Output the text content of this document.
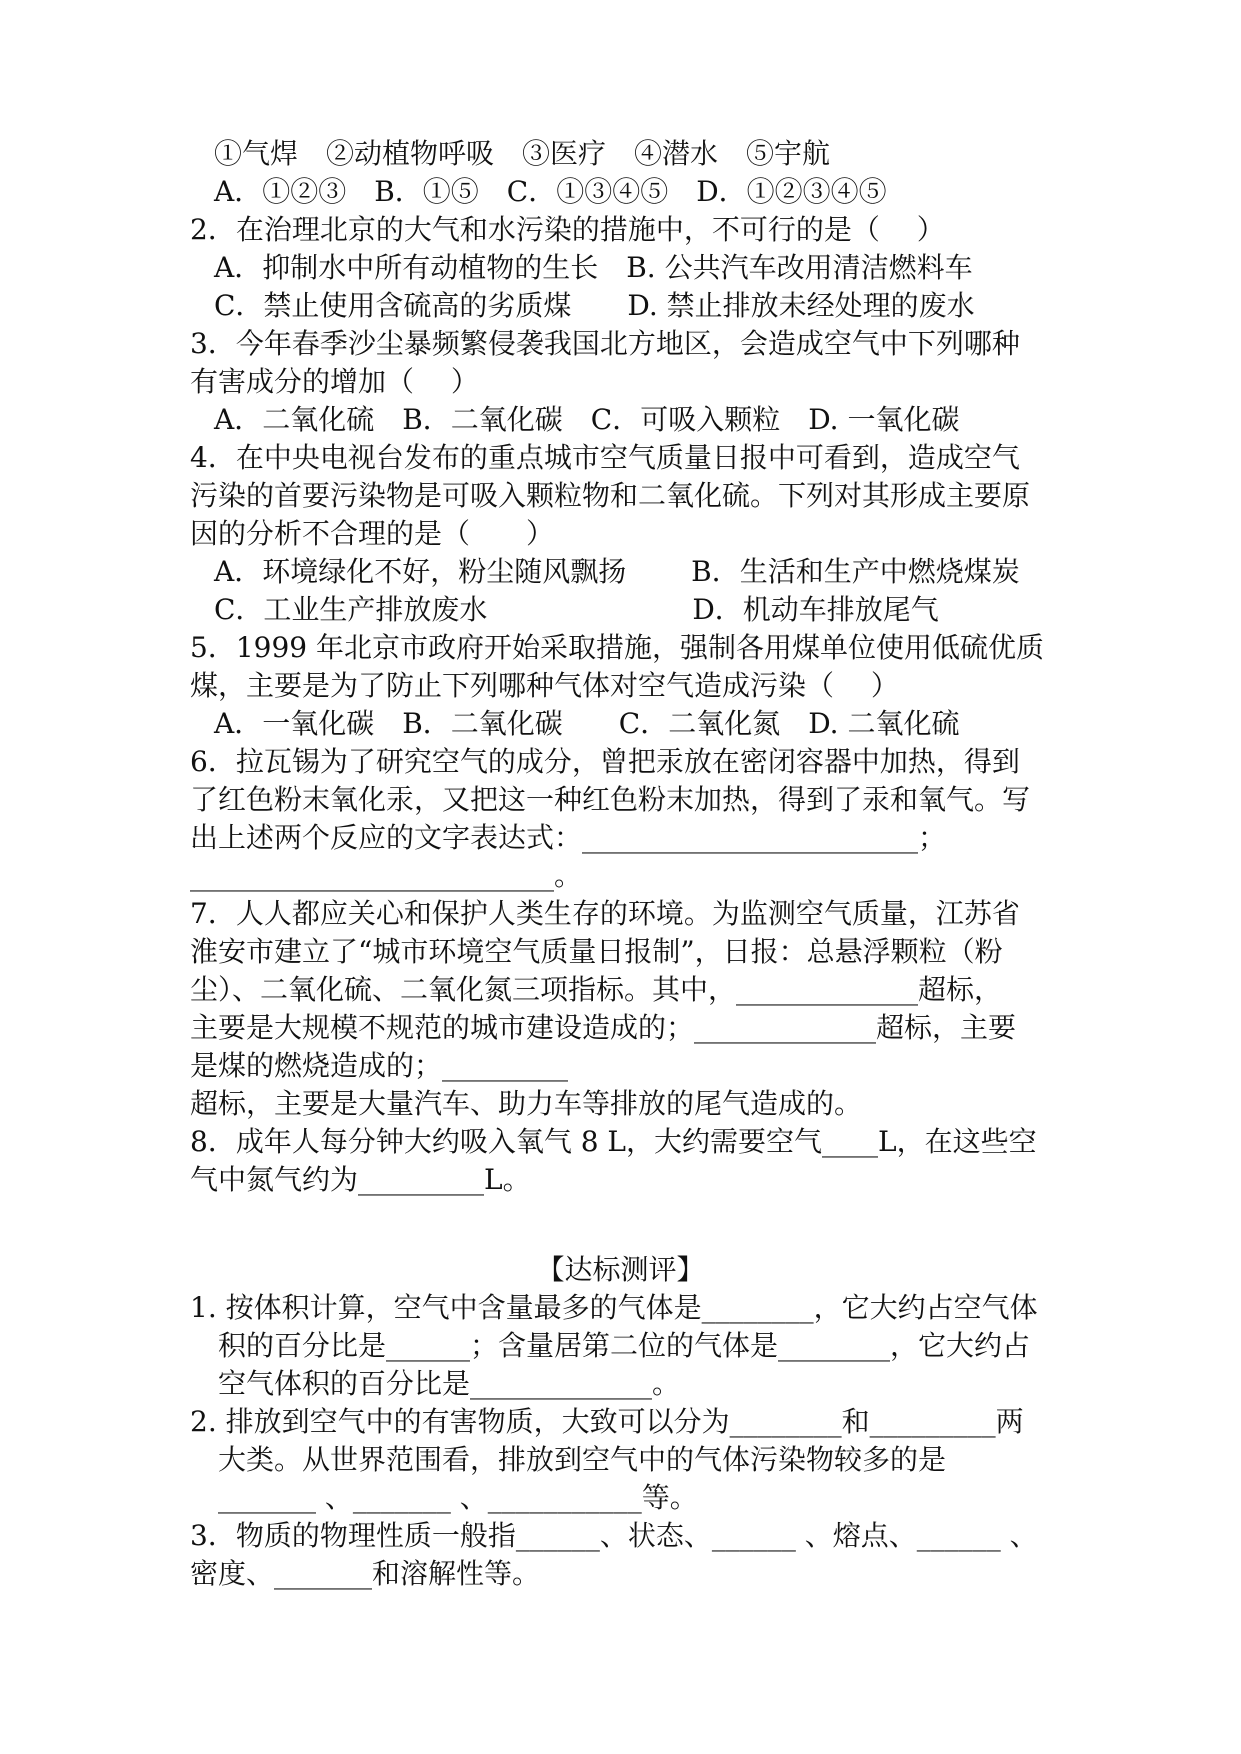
①气焊　②动植物呼吸　③医疗　④潜水　⑤宇航
A．①②③　B．①⑤　C．①③④⑤　D．①②③④⑤
2．在治理北京的大气和水污染的措施中，不可行的是（　 ）
A．抑制水中所有动植物的生长　B. 公共汽车改用清洁燃料车
C．禁止使用含硫高的劣质煤　　D. 禁止排放未经处理的废水
3．今年春季沙尘暴频繁侵袭我国北方地区，会造成空气中下列哪种
有害成分的增加（　 ）
A．二氧化硫　B．二氧化碳　C．可吸入颗粒　D. 一氧化碳
4．在中央电视台发布的重点城市空气质量日报中可看到，造成空气
污染的首要污染物是可吸入颗粒物和二氧化硫。下列对其形成主要原
因的分析不合理的是（　　）
A．环境绿化不好，粉尘随风飘扬　　 B．生活和生产中燃烧煤炭
C．工业生产排放废水　　　　　　　 D．机动车排放尾气
5．1999 年北京市政府开始采取措施，强制各用煤单位使用低硫优质
煤，主要是为了防止下列哪种气体对空气造成污染（　 ）
A．一氧化碳　B．二氧化碳　　C．二氧化氮　D. 二氧化硫
6．拉瓦锡为了研究空气的成分，曾把汞放在密闭容器中加热，得到
了红色粉末氧化汞，又把这一种红色粉末加热，得到了汞和氧气。写
出上述两个反应的文字表达式：________________________；
__________________________。
7．人人都应关心和保护人类生存的环境。为监测空气质量，江苏省
淮安市建立了“城市环境空气质量日报制”，日报：总悬浮颗粒（粉
尘）、二氧化硫、二氧化氮三项指标。其中，_____________超标，
主要是大规模不规范的城市建设造成的；_____________超标，主要
是煤的燃烧造成的；_________
超标，主要是大量汽车、助力车等排放的尾气造成的。
8．成年人每分钟大约吸入氧气 8 L，大约需要空气____L，在这些空
气中氮气约为_________L。
【达标测评】
1. 按体积计算，空气中含量最多的气体是________，它大约占空气体
积的百分比是______；含量居第二位的气体是________，它大约占
空气体积的百分比是_____________。
2. 排放到空气中的有害物质，大致可以分为________和_________两
大类。从世界范围看，排放到空气中的气体污染物较多的是
_______ 、_______ 、___________等。
3．物质的物理性质一般指______、状态、______ 、熔点、______ 、
密度、_______和溶解性等。
